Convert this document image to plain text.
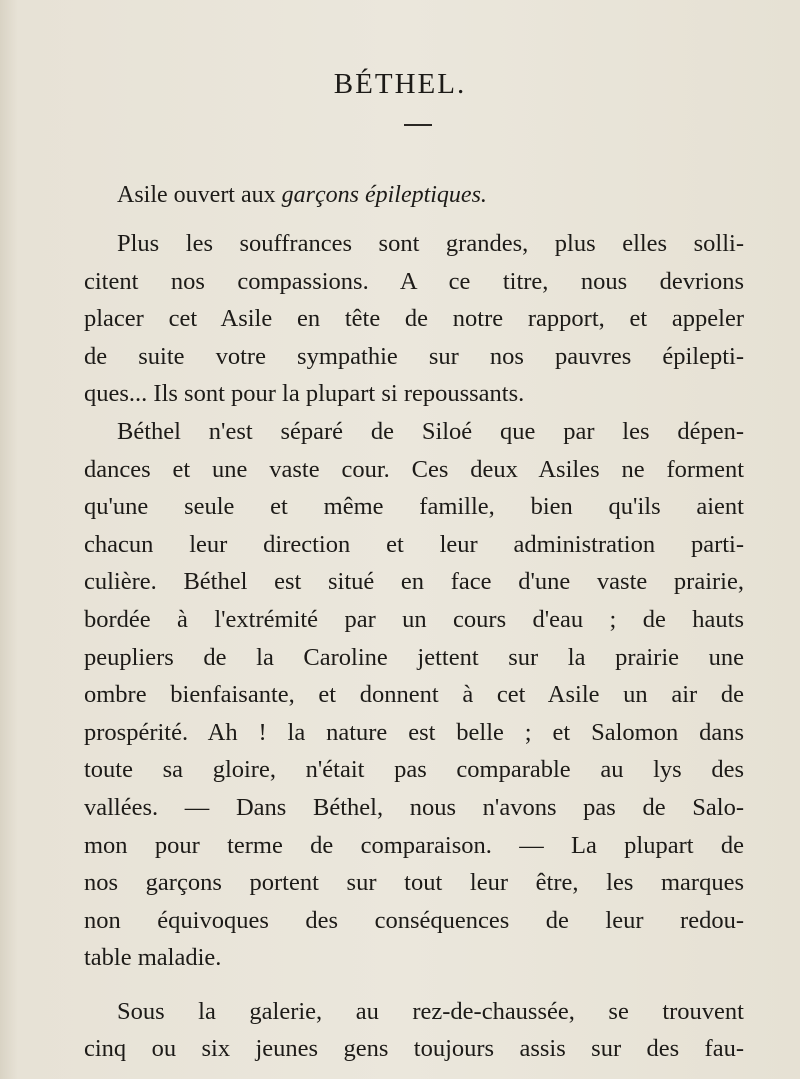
BÉTHEL.
Asile ouvert aux garçons épileptiques.
Plus les souffrances sont grandes, plus elles solli-
citent nos compassions. A ce titre, nous devrions
placer cet Asile en tête de notre rapport, et appeler
de suite votre sympathie sur nos pauvres épilepti-
ques... Ils sont pour la plupart si repoussants.
Béthel n'est séparé de Siloé que par les dépen-
dances et une vaste cour. Ces deux Asiles ne forment
qu'une seule et même famille, bien qu'ils aient
chacun leur direction et leur administration parti-
culière. Béthel est situé en face d'une vaste prairie,
bordée à l'extrémité par un cours d'eau ; de hauts
peupliers de la Caroline jettent sur la prairie une
ombre bienfaisante, et donnent à cet Asile un air de
prospérité. Ah ! la nature est belle ; et Salomon dans
toute sa gloire, n'était pas comparable au lys des
vallées. — Dans Béthel, nous n'avons pas de Salo-
mon pour terme de comparaison. — La plupart de
nos garçons portent sur tout leur être, les marques
non équivoques des conséquences de leur redou-
table maladie.
Sous la galerie, au rez-de-chaussée, se trouvent
cinq ou six jeunes gens toujours assis sur des fau-
